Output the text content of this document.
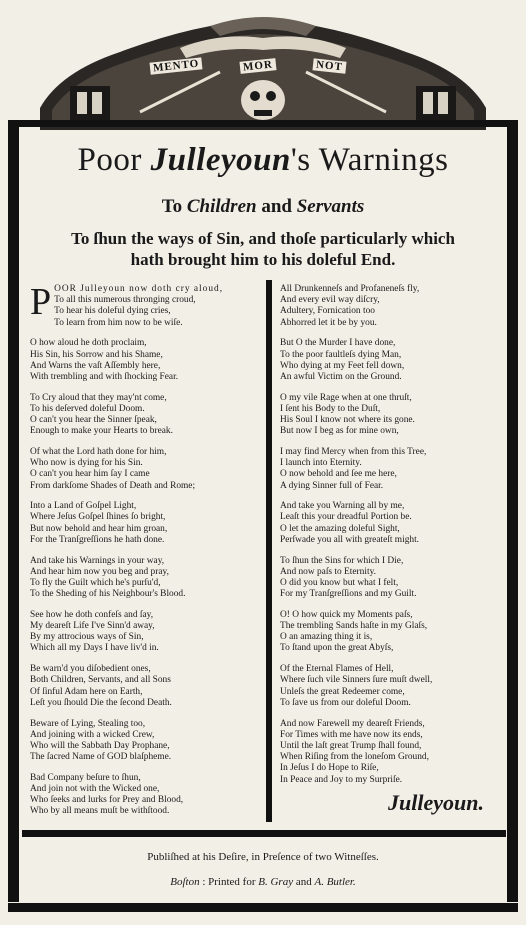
MENTO	MOR	NOT
Poor Julleyoun's Warnings
To Children and Servants
To ſhun the ways of Sin, and thoſe particularly which
hath brought him to his doleful End.
P OOR Julleyoun now doth cry aloud,
To all this numerous thronging croud,
To hear his doleful dying cries,
To learn from him now to be wiſe.
O how aloud he doth proclaim,
His Sin, his Sorrow and his Shame,
And Warns the vaſt Aſſembly here,
With trembling and with ſhocking Fear.
To Cry aloud that they may'nt come,
To his deſerved doleful Doom.
O can't you hear the Sinner ſpeak,
Enough to make your Hearts to break.
Of what the Lord hath done for him,
Who now is dying for his Sin.
O can't you hear him ſay I came
From darkſome Shades of Death and Rome;
Into a Land of Goſpel Light,
Where Jeſus Goſpel ſhines ſo bright,
But now behold and hear him groan,
For the Tranſgreſſions he hath done.
And take his Warnings in your way,
And hear him now you beg and pray,
To fly the Guilt which he's purſu'd,
To the Sheding of his Neighbour's Blood.
See how he doth confeſs and ſay,
My deareſt Life I've Sinn'd away,
By my attrocious ways of Sin,
Which all my Days I have liv'd in.
Be warn'd you diſobedient ones,
Both Children, Servants, and all Sons
Of ſinful Adam here on Earth,
Leſt you ſhould Die the ſecond Death.
Beware of Lying, Stealing too,
And joining with a wicked Crew,
Who will the Sabbath Day Prophane,
The ſacred Name of GOD blaſpheme.
Bad Company beſure to ſhun,
And join not with the Wicked one,
Who ſeeks and lurks for Prey and Blood,
Who by all means muſt be withſtood.
All Drunkenneſs and Profaneneſs fly,
And every evil way diſcry,
Adultery, Fornication too
Abhorred let it be by you.
But O the Murder I have done,
To the poor faultleſs dying Man,
Who dying at my Feet fell down,
An awful Victim on the Ground.
O my vile Rage when at one thruſt,
I ſent his Body to the Duſt,
His Soul I know not where its gone.
But now I beg as for mine own,
I may find Mercy when from this Tree,
I launch into Eternity.
O now behold and ſee me here,
A dying Sinner full of Fear.
And take you Warning all by me,
Leaſt this your dreadful Portion be.
O let the amazing doleful Sight,
Perſwade you all with greateſt might.
To ſhun the Sins for which I Die,
And now paſs to Eternity.
O did you know but what I felt,
For my Tranſgreſſions and my Guilt.
O! O how quick my Moments paſs,
The trembling Sands haſte in my Glaſs,
O an amazing thing it is,
To ſtand upon the great Abyſs,
Of the Eternal Flames of Hell,
Where ſuch vile Sinners ſure muſt dwell,
Unleſs the great Redeemer come,
To ſave us from our doleful Doom.
And now Farewell my deareſt Friends,
For Times with me have now its ends,
Until the laſt great Trump ſhall found,
When Riſing from the loneſom Ground,
In Jeſus I do Hope to Riſe,
In Peace and Joy to my Surpriſe.
Julleyoun.
Publiſhed at his Deſire, in Preſence of two Witneſſes.
Boſton : Printed for B. Gray and A. Butler.
